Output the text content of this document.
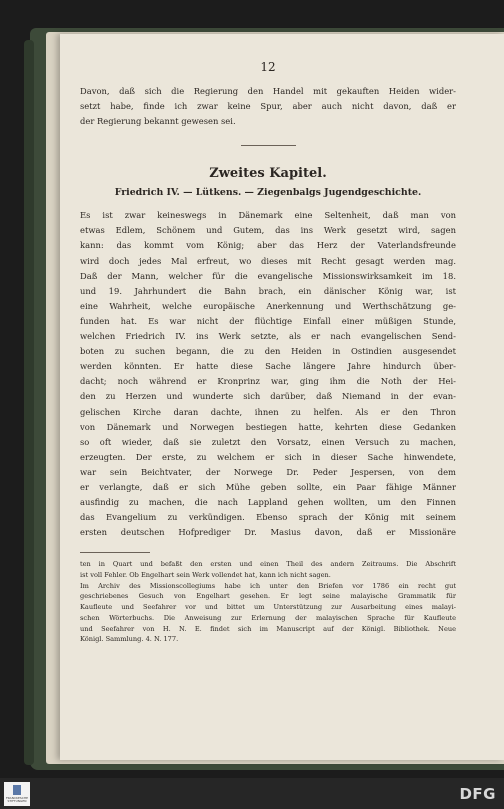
12
Davon, daß sich die Regierung den Handel mit gekauften Heiden wider-
setzt habe, finde ich zwar keine Spur, aber auch nicht davon, daß er
der Regierung bekannt gewesen sei.
Zweites Kapitel.
Friedrich IV. — Lütkens. — Ziegenbalgs Jugendgeschichte.
Es ist zwar keineswegs in Dänemark eine Seltenheit, daß man von
etwas Edlem, Schönem und Gutem, das ins Werk gesetzt wird, sagen
kann: das kommt vom König; aber das Herz der Vaterlandsfreunde
wird doch jedes Mal erfreut, wo dieses mit Recht gesagt werden mag.
Daß der Mann, welcher für die evangelische Missionswirksamkeit im 18.
und 19. Jahrhundert die Bahn brach, ein dänischer König war, ist
eine Wahrheit, welche europäische Anerkennung und Werthschätzung ge-
funden hat. Es war nicht der flüchtige Einfall einer müßigen Stunde,
welchen Friedrich IV. ins Werk setzte, als er nach evangelischen Send-
boten zu suchen begann, die zu den Heiden in Ostindien ausgesendet
werden könnten. Er hatte diese Sache längere Jahre hindurch über-
dacht; noch während er Kronprinz war, ging ihm die Noth der Hei-
den zu Herzen und wunderte sich darüber, daß Niemand in der evan-
gelischen Kirche daran dachte, ihnen zu helfen. Als er den Thron
von Dänemark und Norwegen bestiegen hatte, kehrten diese Gedanken
so oft wieder, daß sie zuletzt den Vorsatz, einen Versuch zu machen,
erzeugten. Der erste, zu welchem er sich in dieser Sache hinwendete,
war sein Beichtvater, der Norwege Dr. Peder Jespersen, von dem
er verlangte, daß er sich Mühe geben sollte, ein Paar fähige Männer
ausfindig zu machen, die nach Lappland gehen wollten, um den Finnen
das Evangelium zu verkündigen. Ebenso sprach der König mit seinem
ersten deutschen Hofprediger Dr. Masius davon, daß er Missionäre
ten in Quart und befaßt den ersten und einen Theil des andern Zeitraums. Die Abschrift
ist voll Fehler. Ob Engelhart sein Werk vollendet hat, kann ich nicht sagen.
Im Archiv des Missionscollegiums habe ich unter den Briefen vor 1786 ein recht gut
geschriebenes Gesuch von Engelhart gesehen. Er legt seine malayische Grammatik für
Kaufleute und Seefahrer vor und bittet um Unterstützung zur Ausarbeitung eines malayi-
schen Wörterbuchs. Die Anweisung zur Erlernung der malayischen Sprache für Kaufleute
und Seefahrer von H. N. E. findet sich im Manuscript auf der Königl. Bibliothek. Neue
Königl. Sammlung. 4. N. 177.
FRANCKESCHE STIFTUNGEN	DFG
